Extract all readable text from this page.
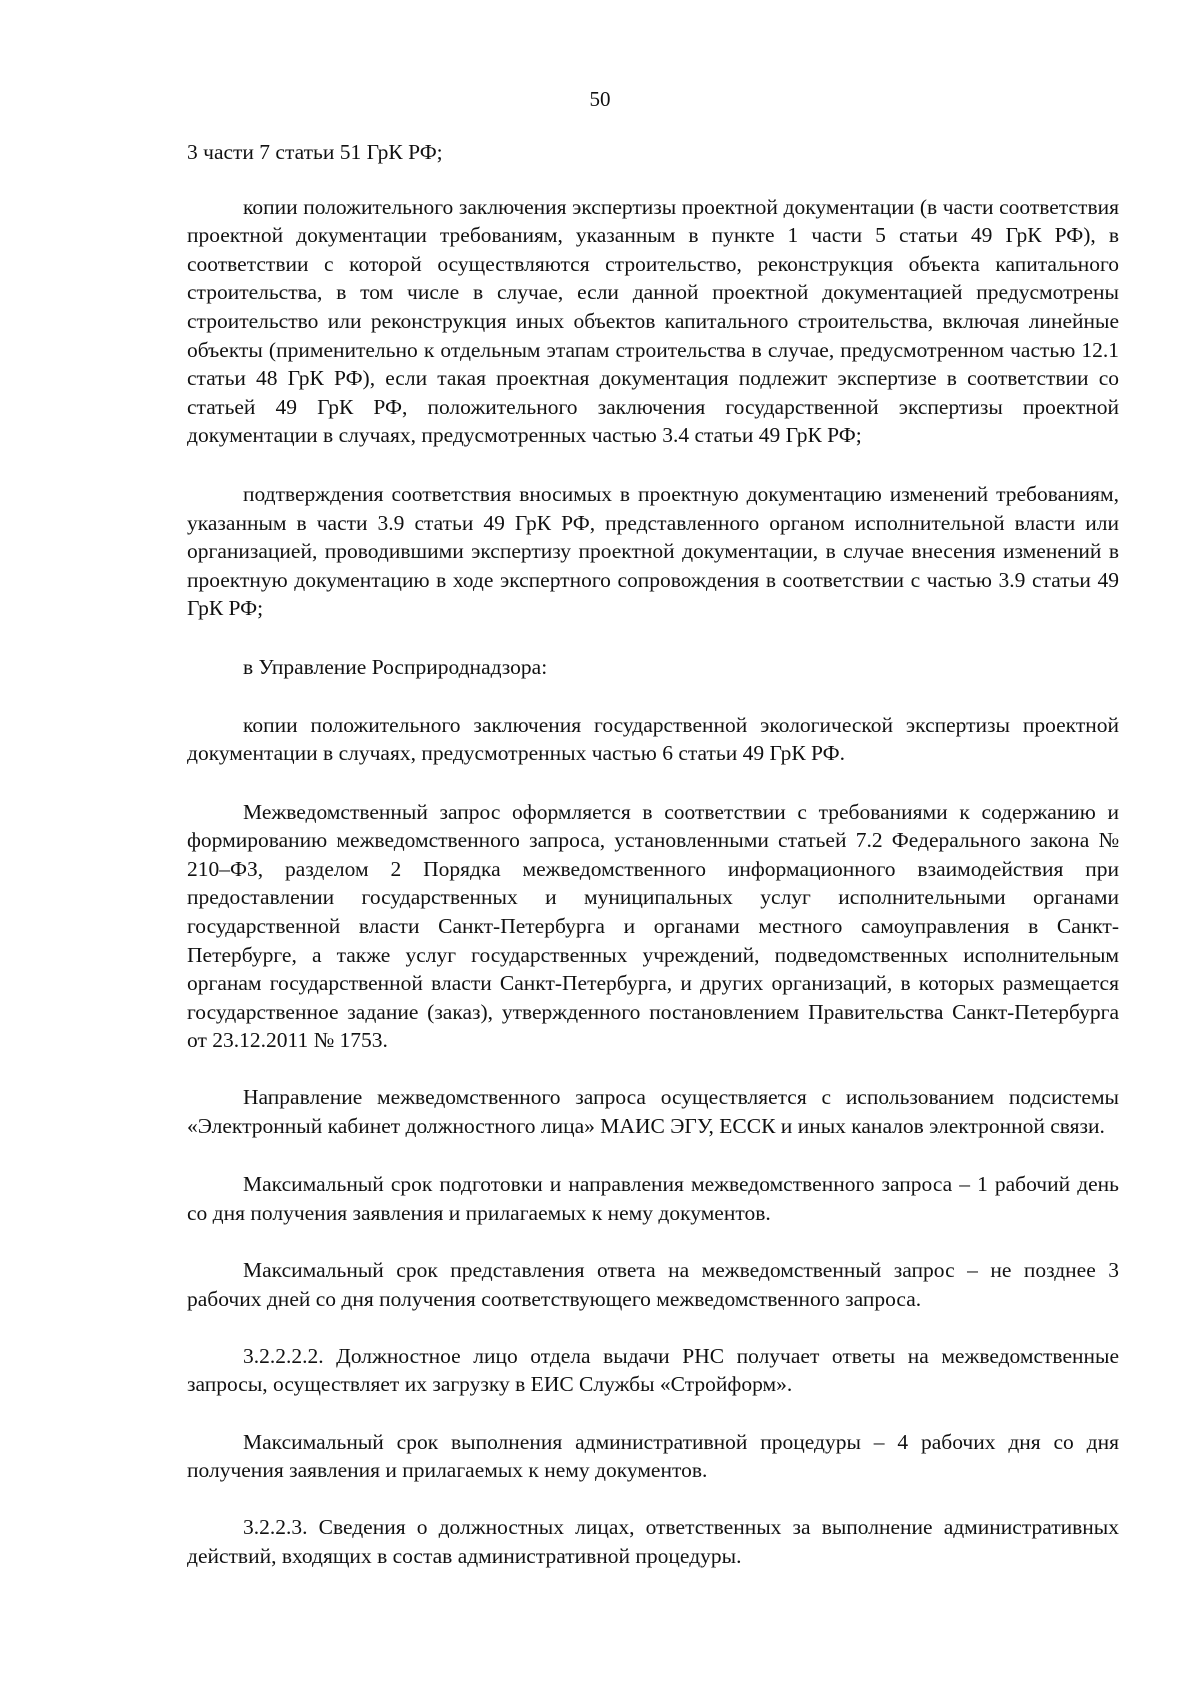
50

3 части 7 статьи 51 ГрК РФ;

копии положительного заключения экспертизы проектной документации (в части соответствия проектной документации требованиям, указанным в пункте 1 части 5 статьи 49 ГрК РФ), в соответствии с которой осуществляются строительство, реконструкция объекта капитального строительства, в том числе в случае, если данной проектной документацией предусмотрены строительство или реконструкция иных объектов капитального строительства, включая линейные объекты (применительно к отдельным этапам строительства в случае, предусмотренном частью 12.1 статьи 48 ГрК РФ), если такая проектная документация подлежит экспертизе в соответствии со статьей 49 ГрК РФ, положительного заключения государственной экспертизы проектной документации в случаях, предусмотренных частью 3.4 статьи 49 ГрК РФ;

подтверждения соответствия вносимых в проектную документацию изменений требованиям, указанным в части 3.9 статьи 49 ГрК РФ, представленного органом исполнительной власти или организацией, проводившими экспертизу проектной документации, в случае внесения изменений в проектную документацию в ходе экспертного сопровождения в соответствии с частью 3.9 статьи 49 ГрК РФ;

в Управление Росприроднадзора:

копии положительного заключения государственной экологической экспертизы проектной документации в случаях, предусмотренных частью 6 статьи 49 ГрК РФ.

Межведомственный запрос оформляется в соответствии с требованиями к содержанию и формированию межведомственного запроса, установленными статьей 7.2 Федерального закона № 210–ФЗ, разделом 2 Порядка межведомственного информационного взаимодействия при предоставлении государственных и муниципальных услуг исполнительными органами государственной власти Санкт-Петербурга и органами местного самоуправления в Санкт-Петербурге, а также услуг государственных учреждений, подведомственных исполнительным органам государственной власти Санкт-Петербурга, и других организаций, в которых размещается государственное задание (заказ), утвержденного постановлением Правительства Санкт-Петербурга от 23.12.2011 № 1753.

Направление межведомственного запроса осуществляется с использованием подсистемы «Электронный кабинет должностного лица» МАИС ЭГУ, ЕССК и иных каналов электронной связи.

Максимальный срок подготовки и направления межведомственного запроса – 1 рабочий день со дня получения заявления и прилагаемых к нему документов.

Максимальный срок представления ответа на межведомственный запрос – не позднее 3 рабочих дней со дня получения соответствующего межведомственного запроса.

3.2.2.2.2. Должностное лицо отдела выдачи РНС получает ответы на межведомственные запросы, осуществляет их загрузку в ЕИС Службы «Стройформ».

Максимальный срок выполнения административной процедуры – 4 рабочих дня со дня получения заявления и прилагаемых к нему документов.

3.2.2.3. Сведения о должностных лицах, ответственных за выполнение административных действий, входящих в состав административной процедуры.
